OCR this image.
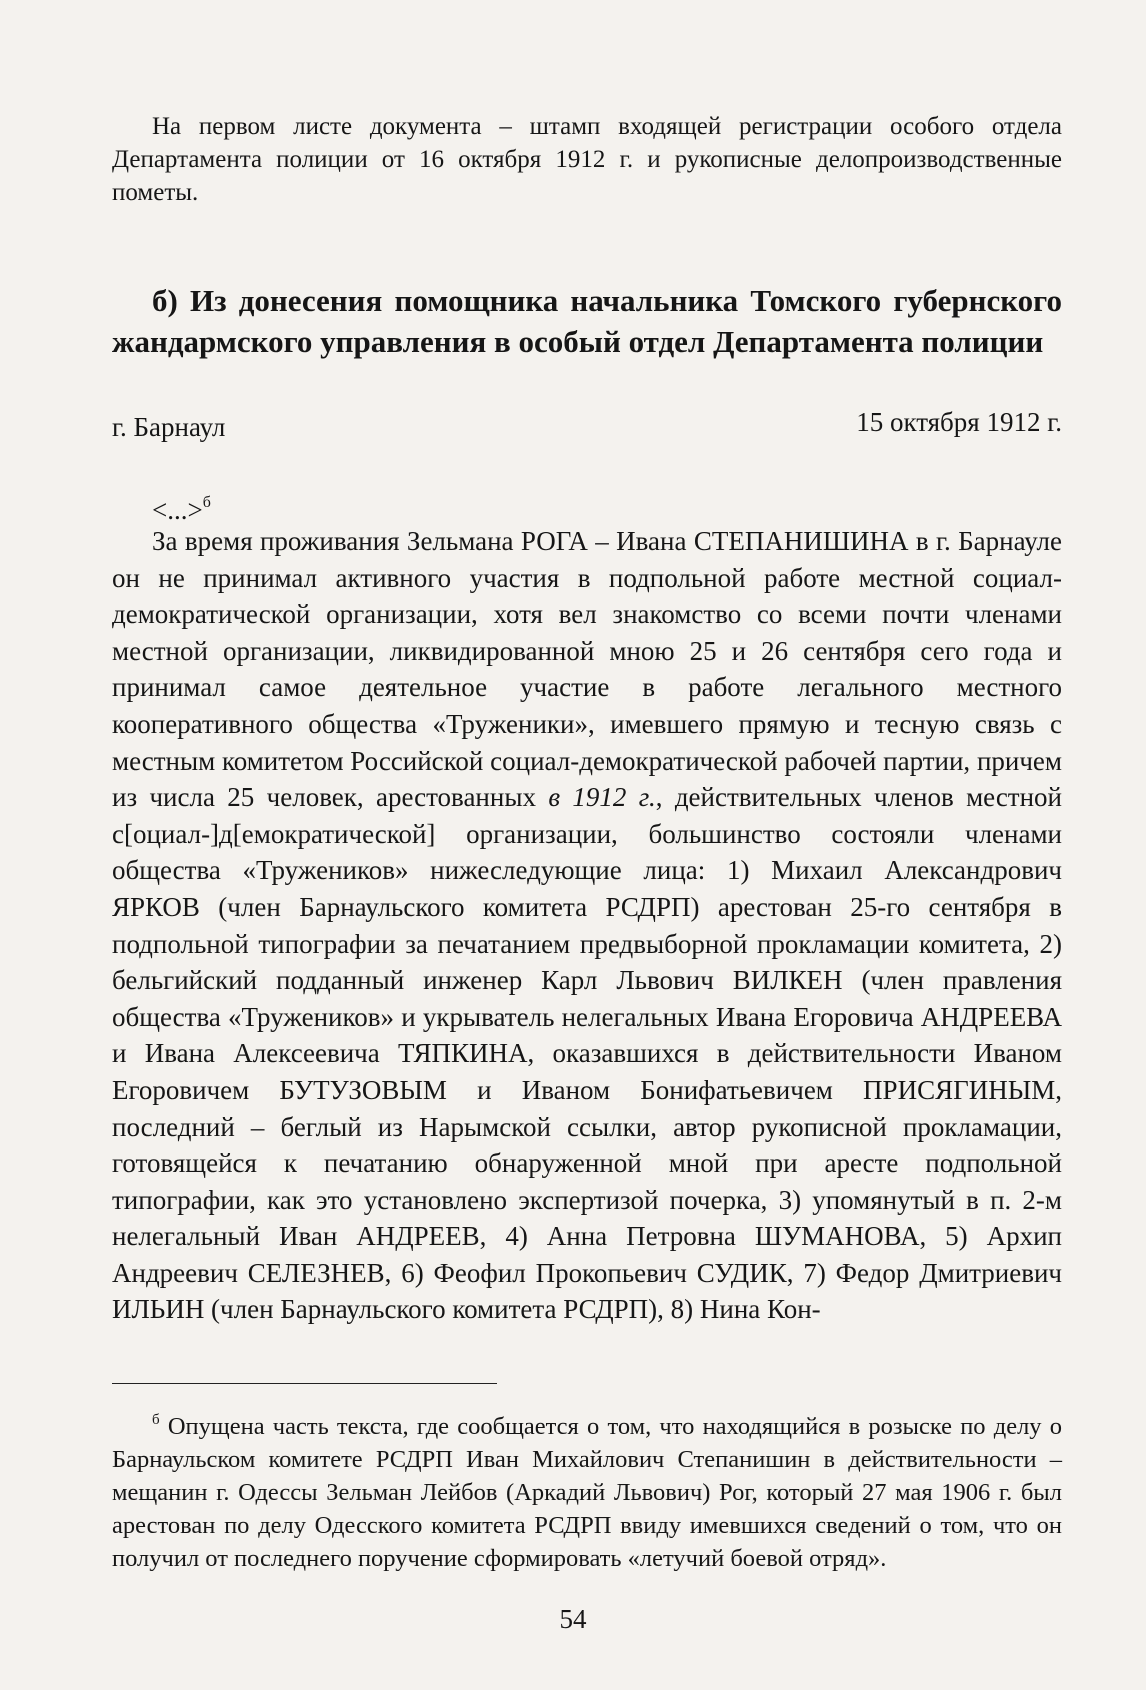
На первом листе документа – штамп входящей регистрации особого отдела Департамента полиции от 16 октября 1912 г. и рукописные делопроизводственные пометы.

б) Из донесения помощника начальника Томского губернского жандармского управления в особый отдел Департамента полиции

г. Барнаул	15 октября 1912 г.
<...>$^б$

За время проживания Зельмана РОГА – Ивана СТЕПАНИШИНА в г. Барнауле он не принимал активного участия в подпольной работе местной социал-демократической организации, хотя вел знакомство со всеми почти членами местной организации, ликвидированной мною 25 и 26 сентября сего года и принимал самое деятельное участие в работе легального местного кооперативного общества «Труженики», имевшего прямую и тесную связь с местным комитетом Российской социал-демократической рабочей партии, причем из числа 25 человек, арестованных в 1912 г., действительных членов местной с[оциал-]д[емократической] организации, большинство состояли членами общества «Тружеников» нижеследующие лица: 1) Михаил Александрович ЯРКОВ (член Барнаульского комитета РСДРП) арестован 25-го сентября в подпольной типографии за печатанием предвыборной прокламации комитета, 2) бельгийский подданный инженер Карл Львович ВИЛКЕН (член правления общества «Тружеников» и укрыватель нелегальных Ивана Егоровича АНДРЕЕВА и Ивана Алексеевича ТЯПКИНА, оказавшихся в действительности Иваном Егоровичем БУТУЗОВЫМ и Иваном Бонифатьевичем ПРИСЯГИНЫМ, последний – беглый из Нарымской ссылки, автор рукописной прокламации, готовящейся к печатанию обнаруженной мной при аресте подпольной типографии, как это установлено экспертизой почерка, 3) упомянутый в п. 2-м нелегальный Иван АНДРЕЕВ, 4) Анна Петровна ШУМАНОВА, 5) Архип Андреевич СЕЛЕЗНЕВ, 6) Феофил Прокопьевич СУДИК, 7) Федор Дмитриевич ИЛЬИН (член Барнаульского комитета РСДРП), 8) Нина Кон-

$^б$ Опущена часть текста, где сообщается о том, что находящийся в розыске по делу о Барнаульском комитете РСДРП Иван Михайлович Степанишин в действительности – мещанин г. Одессы Зельман Лейбов (Аркадий Львович) Рог, который 27 мая 1906 г. был арестован по делу Одесского комитета РСДРП ввиду имевшихся сведений о том, что он получил от последнего поручение сформировать «летучий боевой отряд».

54
